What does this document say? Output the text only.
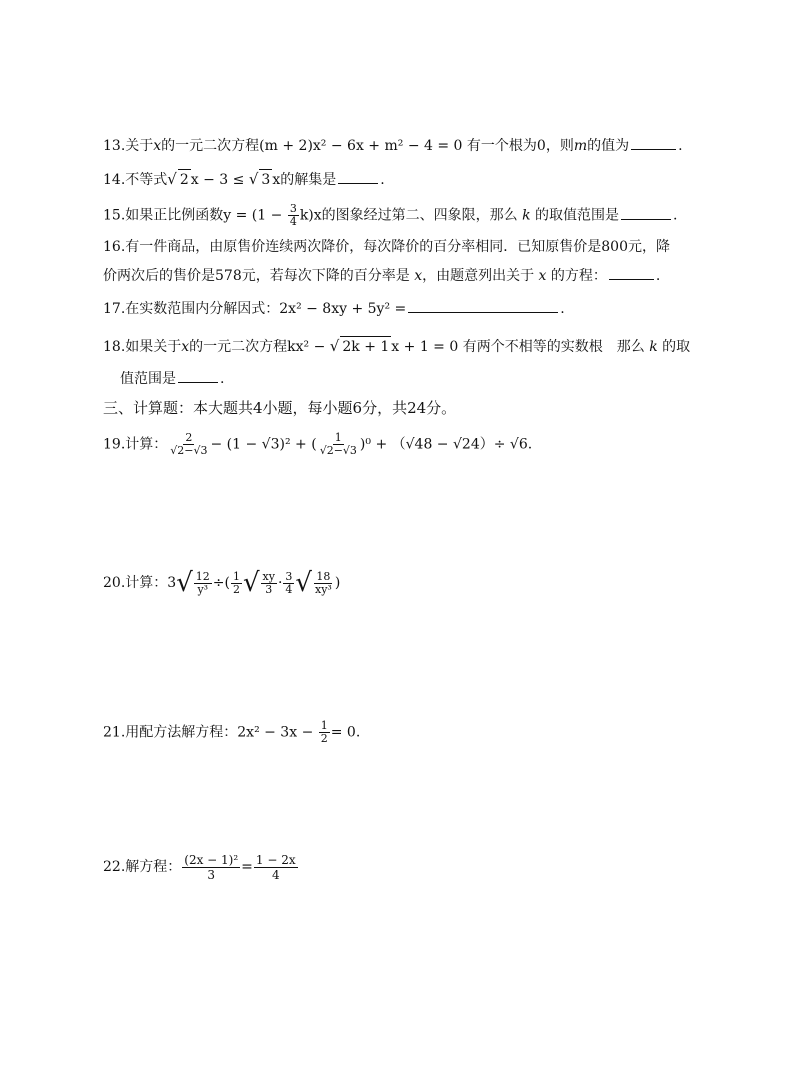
13.关于x的一元二次方程(m + 2)x² − 6x + m² − 4 = 0 有一个根为0，则m的值为	.
14.不等式√ 2 x − 3 ≤ √ 3 x的解集是	.
15.如果正比例函数$y = (1 - \frac{3}{4} k)x$的图象经过第二、四象限，那么 k 的取值范围是	.
16.有一件商品，由原售价连续两次降价，每次降价的百分率相同．已知原售价是800元，降
价两次后的售价是578元，若每次下降的百分率是 x，由题意列出关于 x 的方程：	.
17.在实数范围内分解因式：2x² − 8xy + 5y² =	.
18.如果关于x的一元二次方程kx² − √ 2k + 1 x + 1 = 0 有两个不相等的实数根　那么 k 的取
值范围是	.
三、计算题：本大题共4小题，每小题6分，共24分。
19.计算： $\frac{2}{√2-√3} - (1 - √3)^2$ + ( $\frac{1}{√2-√3} )^0 + (√48 - √24)\div √6$.
20.计算：$3√ \frac{12}{\text{y³}}$ ÷( $\frac{1}{2}$ √ $\frac{xy}{3} \cdot \frac{3}{4}$ √ $\frac{18}{\text{xy³}}$ )
21.用配方法解方程：$2x^2 - 3x - \frac{1}{2} = 0$.
22.解方程： $\frac{\text{(2x − 1)²}}{3} = \frac{1 - 2x}{4}$
